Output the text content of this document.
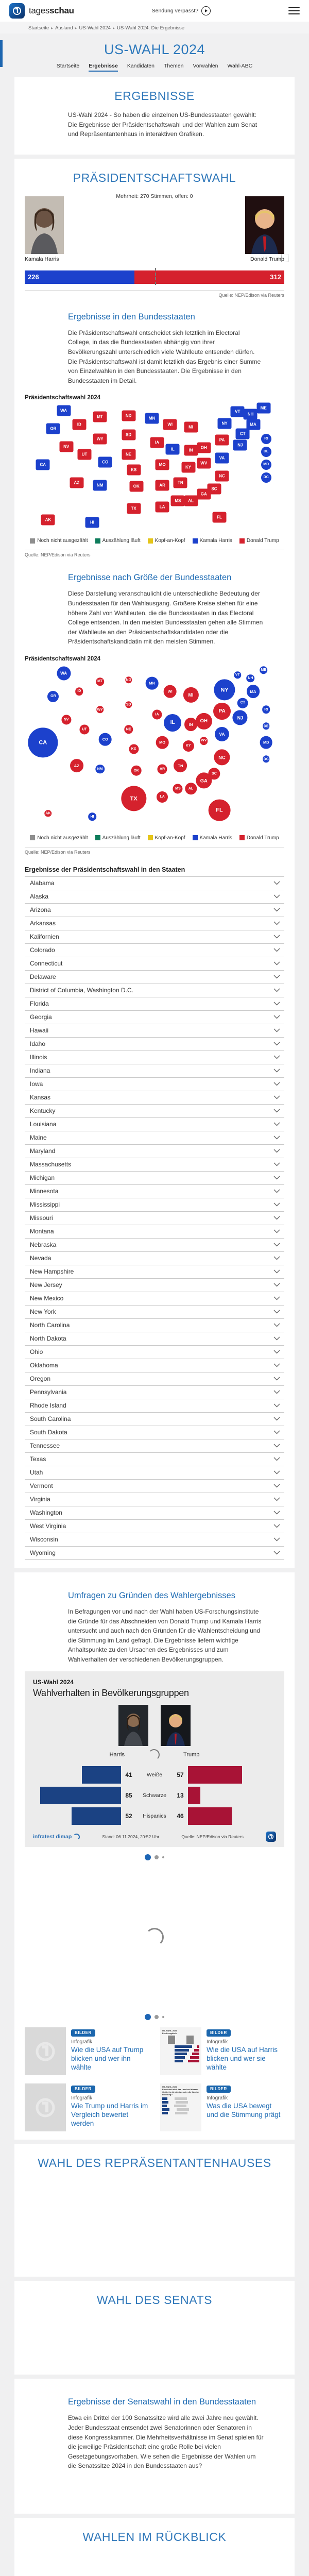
tagesschau	Sendung verpasst?
Startseite ▸ Ausland ▸ US-Wahl 2024 ▸ US-Wahl 2024: Die Ergebnisse
US-WAHL 2024
Startseite Ergebnisse Kandidaten Themen Vorwahlen Wahl-ABC
ERGEBNISSE

US-Wahl 2024 - So haben die einzelnen US-Bundesstaaten gewählt: Die Ergebnisse der Präsidentschaftswahl und der Wahlen zum Senat und Repräsentantenhaus in interaktiven Grafiken.

PRÄSIDENTSCHAFTSWAHL
Mehrheit: 270 Stimmen, offen: 0
Kamala Harris	Donald Trump
226	312
Quelle: NEP/Edison via Reuters
Ergebnisse in den Bundesstaaten

Die Präsidentschaftswahl entscheidet sich letztlich im Electoral College, in das die Bundesstaaten abhängig von ihrer Bevölkerungszahl unterschiedlich viele Wahlleute entsenden dürfen. Die Präsidentschaftswahl ist damit letztlich das Ergebnis einer Summe von Einzelwahlen in den Bundesstaaten. Die Ergebnisse in den Bundesstaaten im Detail.

Präsidentschaftswahl 2024
AK
HI
WA
OR
CA
NV
ID
UT
AZ
MT
WY
CO
NM
ND
SD
NE
KS
OK
TX
MN
IA
MO
AR
LA
WI
IL
MS
MI
IN
KY
TN
AL
OH
WV
GA
FL
PA
VA
NC
SC
NY
NJ
VT
NH
ME
MA
CT
RI
DE
MD
DC
Noch nicht ausgezählt	Auszählung läuft	Kopf-an-Kopf	Kamala Harris	Donald Trump
Quelle: NEP/Edison via Reuters
Ergebnisse nach Größe der Bundesstaaten

Diese Darstellung veranschaulicht die unterschiedliche Bedeutung der Bundesstaaten für den Wahlausgang. Größere Kreise stehen für eine höhere Zahl von Wahlleuten, die die Bundesstaaten in das Electoral College entsenden. In den meisten Bundesstaaten gehen alle Stimmen der Wahlleute an den Präsidentschaftskandidaten oder die Präsidentschaftskandidatin mit den meisten Stimmen.

Präsidentschaftswahl 2024
AK
HI
WA
OR
CA
NV
ID
UT
AZ
MT
WY
CO
NM
ND
SD
NE
KS
OK
TX
MN
IA
MO
AR
LA
WI
IL
MS
MI
IN
KY
TN
AL
OH
WV
GA
FL
PA
VA
NC
SC
NY
NJ
VT
NH
ME
MA
CT
RI
DE
MD
DC
Noch nicht ausgezählt	Auszählung läuft	Kopf-an-Kopf	Kamala Harris	Donald Trump
Quelle: NEP/Edison via Reuters
Ergebnisse der Präsidentschaftswahl in den Staaten
Alabama
Alaska
Arizona
Arkansas
Kalifornien
Colorado
Connecticut
Delaware
District of Columbia, Washington D.C.
Florida
Georgia
Hawaii
Idaho
Illinois
Indiana
Iowa
Kansas
Kentucky
Louisiana
Maine
Maryland
Massachusetts
Michigan
Minnesota
Mississippi
Missouri
Montana
Nebraska
Nevada
New Hampshire
New Jersey
New Mexico
New York
North Carolina
North Dakota
Ohio
Oklahoma
Oregon
Pennsylvania
Rhode Island
South Carolina
South Dakota
Tennessee
Texas
Utah
Vermont
Virginia
Washington
West Virginia
Wisconsin
Wyoming
Umfragen zu Gründen des Wahlergebnisses

In Befragungen vor und nach der Wahl haben US-Forschungsinstitute die Gründe für das Abschneiden von Donald Trump und Kamala Harris untersucht und auch nach den Gründen für die Wahlentscheidung und die Stimmung im Land gefragt. Die Ergebnisse liefern wichtige Anhaltspunkte zu den Ursachen des Ergebnisses und zum Wahlverhalten der verschiedenen Bevölkerungsgruppen.

US-Wahl 2024
Wahlverhalten in Bevölkerungsgruppen
Harris	Trump
41	Weiße	57
85	Schwarze	13
52	Hispanics	46
infratest dimap	Stand: 06.11.2024, 20:52 Uhr	Quelle: NEP/Edison via Reuters
BILDER
Infografik
Wie die USA auf Trump blicken und wer ihn wählte
US-WAHL 2024
Profilvergleich	BILDER
Infografik
Wie die USA auf Harris blicken und wer sie wählte
BILDER
Infografik
Wie Trump und Harris im Vergleich bewertet werden
US-WAHL 2024
Entwickelt sich das Land auf diesem Gebiet in die richtige oder die falsche Richtung?
BILDER
Infografik
Was die USA bewegt und die Stimmung prägt
WAHL DES REPRÄSENTANTENHAUSES
WAHL DES SENATS
Ergebnisse der Senatswahl in den Bundesstaaten

Etwa ein Drittel der 100 Senatssitze wird alle zwei Jahre neu gewählt. Jeder Bundesstaat entsendet zwei Senatorinnen oder Senatoren in diese Kongresskammer. Die Mehrheitsverhältnisse im Senat spielen für die jeweilige Präsidentschaft eine große Rolle bei vielen Gesetzgebungsvorhaben. Wie sehen die Ergebnisse der Wahlen um die Senatssitze 2024 in den Bundesstaaten aus?

WAHLEN IM RÜCKBLICK
